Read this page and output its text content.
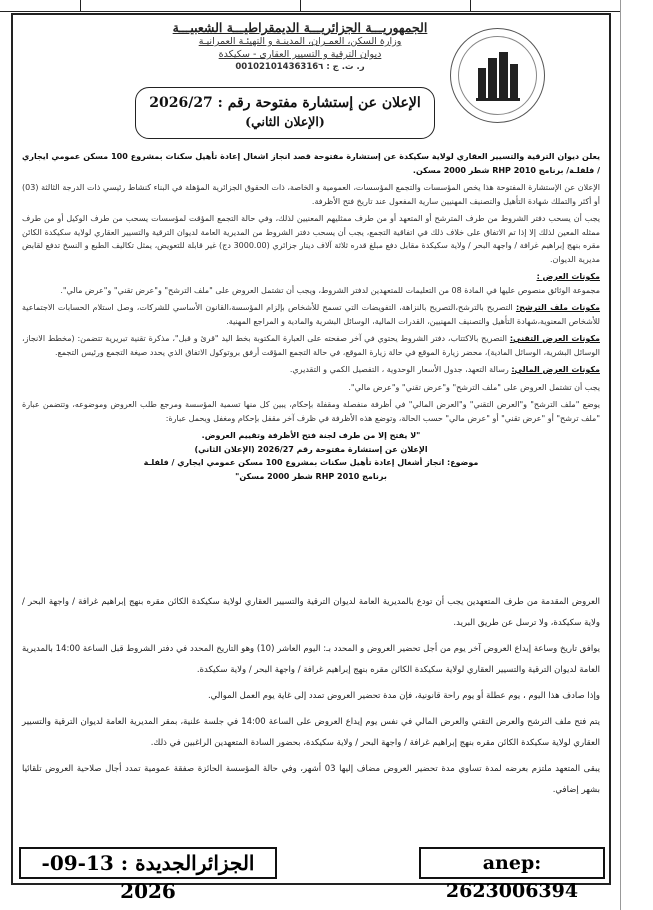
الجمهوريـــة الجزائريـــة الديمقراطيـــة الشعبيـــة
وزارة السكن، العمـران، المدينـة و التهيئـة العمرانيـة
ديوان الترقية و التسيير العقاري - سكيكدة
ر. ت. ج : 00102101436316٦
الإعلان عن إستشارة مفتوحة رقم : 2026/27
(الإعلان الثاني)

يعلن ديوان الترقية والتسيير العقاري لولاية سكيكدة عن إستشارة مفتوحة قصد انجاز اشغال إعادة تأهيل سكنات بمشروع 100 مسكن عمومي ايجاري / فلفلـة/ برنامج RHP 2010 شطر 2000 مسكن.

الإعلان عن الإستشارة المفتوحة هذا يخص المؤسسات والتجمع المؤسسات، العمومية و الخاصة، ذات الحقوق الجزائرية المؤهلة في البناء كنشاط رئيسي ذات الدرجة الثالثة (03) أو أكثر والتملك شهادة التأهيل والتصنيف المهنيين سارية المفعول عند تاريخ فتح الأظرفة.

يجب أن يسحب دفتر الشروط من طرف المترشح أو المتعهد أو من طرف ممثليهم المعنيين لذلك، وفي حالة التجمع المؤقت لمؤسسات يسحب من طرف الوكيل أو من طرف ممثله المعين لذلك إلا إذا تم الاتفاق على خلاف ذلك في اتفاقية التجمع، يجب أن يسحب دفتر الشروط من المديرية العامة لديوان الترقية والتسيير العقاري لولاية سكيكدة الكائن مقره بنهج إبراهيم غرافة / واجهة البحر / ولاية سكيكدة مقابل دفع مبلغ قدره ثلاثة آلاف دينار جزائري (3000.00 دج) غير قابلة للتعويض، يمثل تكاليف الطبع و النسخ تدفع لقابض مديرية الديوان.

مكونات العرض :
مجموعة الوثائق منصوص عليها في المادة 08 من التعليمات للمتعهدين لدفتر الشروط، ويجب أن تشتمل العروض على "ملف الترشح" و"عرض تقني" و"عرض مالي".

مكونات ملف الترشح: التصريح بالترشح،التصريح بالنزاهة، التفويضات التي تسمح للأشخاص بإلزام المؤسسة،القانون الأساسي للشركات، وصل استلام الحسابات الاجتماعية للأشخاص المعنوية،شهادة التأهيل والتصنيف المهنيين، القدرات المالية، الوسائل البشرية والمادية و المراجع المهنية.

مكونات العرض التقني: التصريح بالاكتتاب، دفتر الشروط يحتوي في آخر صفحته على العبارة المكتوبة بخط اليد "قرئ و قبل"، مذكرة تقنية تبريرية تتضمن: (مخطط الانجاز، الوسائل البشرية، الوسائل المادية)، محضر زيارة الموقع في حالة زيارة الموقع، في حالة التجمع المؤقت أرفق بروتوكول الاتفاق الذي يحدد صيغة التجمع ورئيس التجمع.

مكونات العرض المالي: رسالة التعهد، جدول الأسعار الوحدوية ، التفصيل الكمي و التقديري.

يجب أن تشتمل العروض على "ملف الترشح" و"عرض تقني" و"عرض مالي".

يوضع "ملف الترشح" و"العرض التقني" و"العرض المالي" في أظرفة منفصلة ومقفلة بإحكام، يبين كل منها تسمية المؤسسة ومرجع طلب العروض وموضوعه، وتتضمن عبارة "ملف ترشح" أو "عرض تقني" أو "عرض مالي" حسب الحالة، وتوضع هذه الأظرفة في ظرف آخر مقفل بإحكام ومغفل ويحمل عبارة:

"لا يفتح إلا من طرف لجنة فتح الأظرفة وتقييم العروض.
الإعلان عن إستشارة مفتوحة رقم 2026/27 (الإعلان الثاني)
موضوع: انجاز أشغال إعادة تأهيل سكنات بمشروع 100 مسكن عمومي ايجاري / فلفلـة
برنامج RHP 2010 شطر 2000 مسكن"

العروض المقدمة من طرف المتعهدين يجب أن تودع بالمديرية العامة لديوان الترقية والتسيير العقاري لولاية سكيكدة الكائن مقره بنهج إبراهيم غرافة / واجهة البحر / ولاية سكيكدة، ولا ترسل عن طريق البريد.

يوافق تاريخ وساعة إيداع العروض آخر يوم من أجل تحضير العروض و المحدد بـ: اليوم العاشر (10) وهو التاريخ المحدد في دفتر الشروط قبل الساعة 14:00 بالمديرية العامة لديوان الترقية والتسيير العقاري لولاية سكيكدة الكائن مقره بنهج إبراهيم غرافة / واجهة البحر / ولاية سكيكدة.

وإذا صادف هذا اليوم ، يوم عطلة أو يوم راحة قانونية، فإن مدة تحضير العروض تمدد إلى غاية يوم العمل الموالي.

يتم فتح ملف الترشح والعرض التقني والعرض المالي في نفس يوم إيداع العروض على الساعة 14:00 في جلسة علنية، بمقر المديرية العامة لديوان الترقية والتسيير العقاري لولاية سكيكدة الكائن مقره بنهج إبراهيم غرافة / واجهة البحر / ولاية سكيكدة، بحضور السادة المتعهدين الراغبين في ذلك.

يبقى المتعهد ملتزم بعرضه لمدة تساوي مدة تحضير العروض مضاف إليها 03 أشهر، وفي حالة المؤسسة الحائزة صفقة عمومية تمدد أجال صلاحية العروض تلقائيا بشهر إضافي.

الجزائرالجديدة : 13-09-2026
anep: 2623006394
